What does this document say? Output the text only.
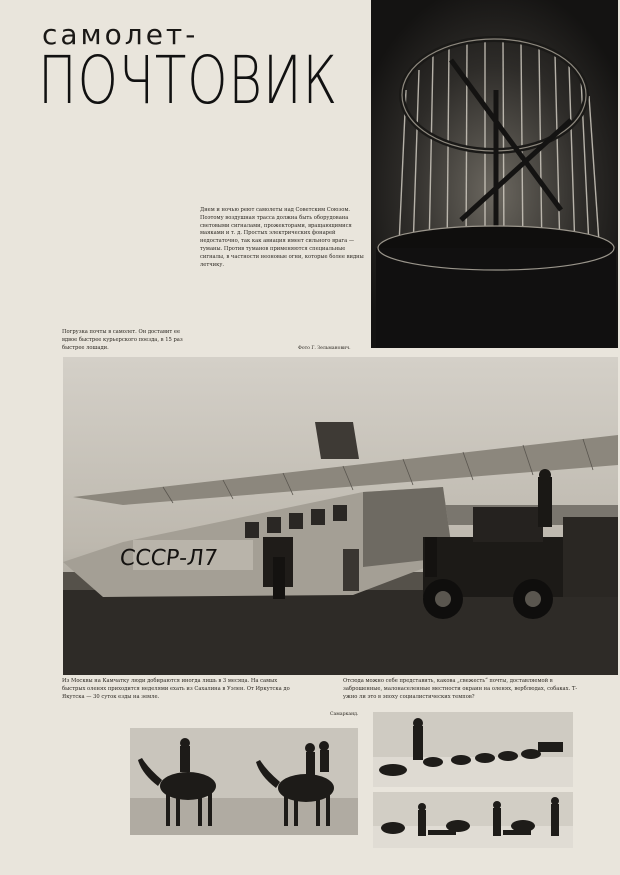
самолет-
ПОЧТОВИК
Днем и ночью реют самолеты над Советским Союзом. Поэтому воздушная трасса должна быть оборудована световыми сигналами, прожекторами, вращающимися маяками и т. д. Простых электрических фонарей недостаточно, так как авиация имеет сильного врага — туманы. Против туманов применяются специальные сигналы, в частности неоновые огни, которые более видны летчику.
Погрузка почты в самолет. Он доставит ее вдвое быстрее курьерского поезда, в 15 раз быстрее лошади.	Фото Г. Зельманович.
СССР-Л7
Из Москвы на Камчатку люди добираются иногда лишь в 3 месяца. На самых быстрых оленях приходится неделями ехать из Сахалина в Уэлен. От Иркутска до Якутска — 30 суток езды на земле.
Отсюда можно себе представить, какова „свежесть“ почты, доставляемой в заброшенные, малонаселенные местности окраин на оленях, верблюдах, собаках. Т-ужно ли это в эпоху социалистических темпов?
Самарканд.
